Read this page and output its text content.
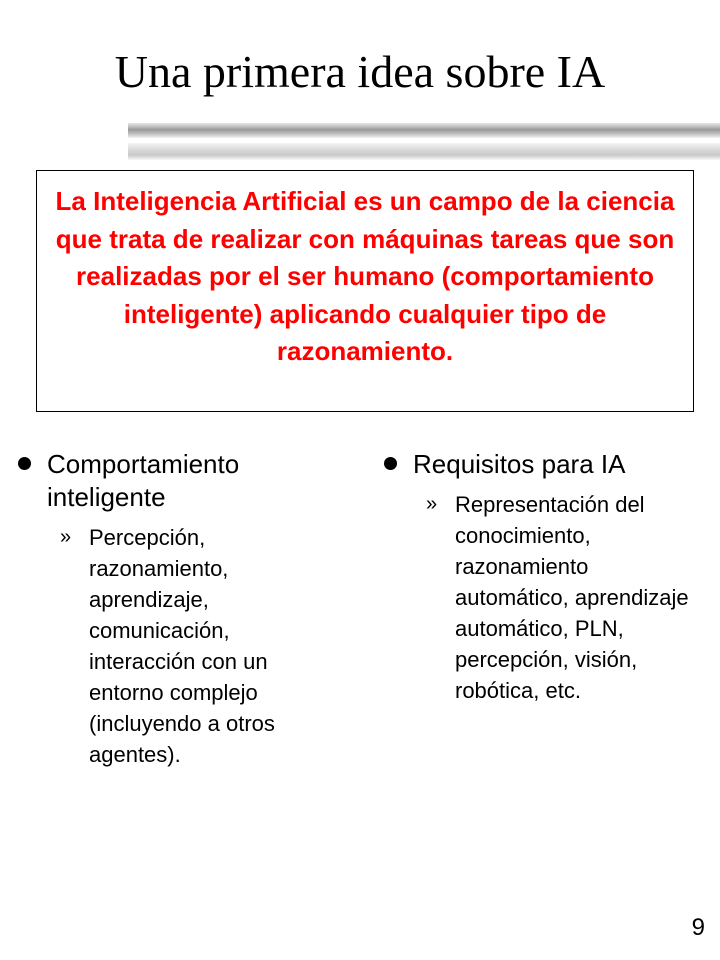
Una primera idea sobre IA
La Inteligencia Artificial es un campo de la ciencia que trata de realizar con máquinas tareas que son realizadas por el ser humano (comportamiento inteligente) aplicando cualquier tipo de razonamiento.
Comportamiento inteligente
» Percepción, razonamiento, aprendizaje, comunicación, interacción con un entorno complejo (incluyendo a otros agentes).
Requisitos para IA
» Representación del conocimiento, razonamiento automático, aprendizaje automático, PLN, percepción, visión, robótica, etc.
9
